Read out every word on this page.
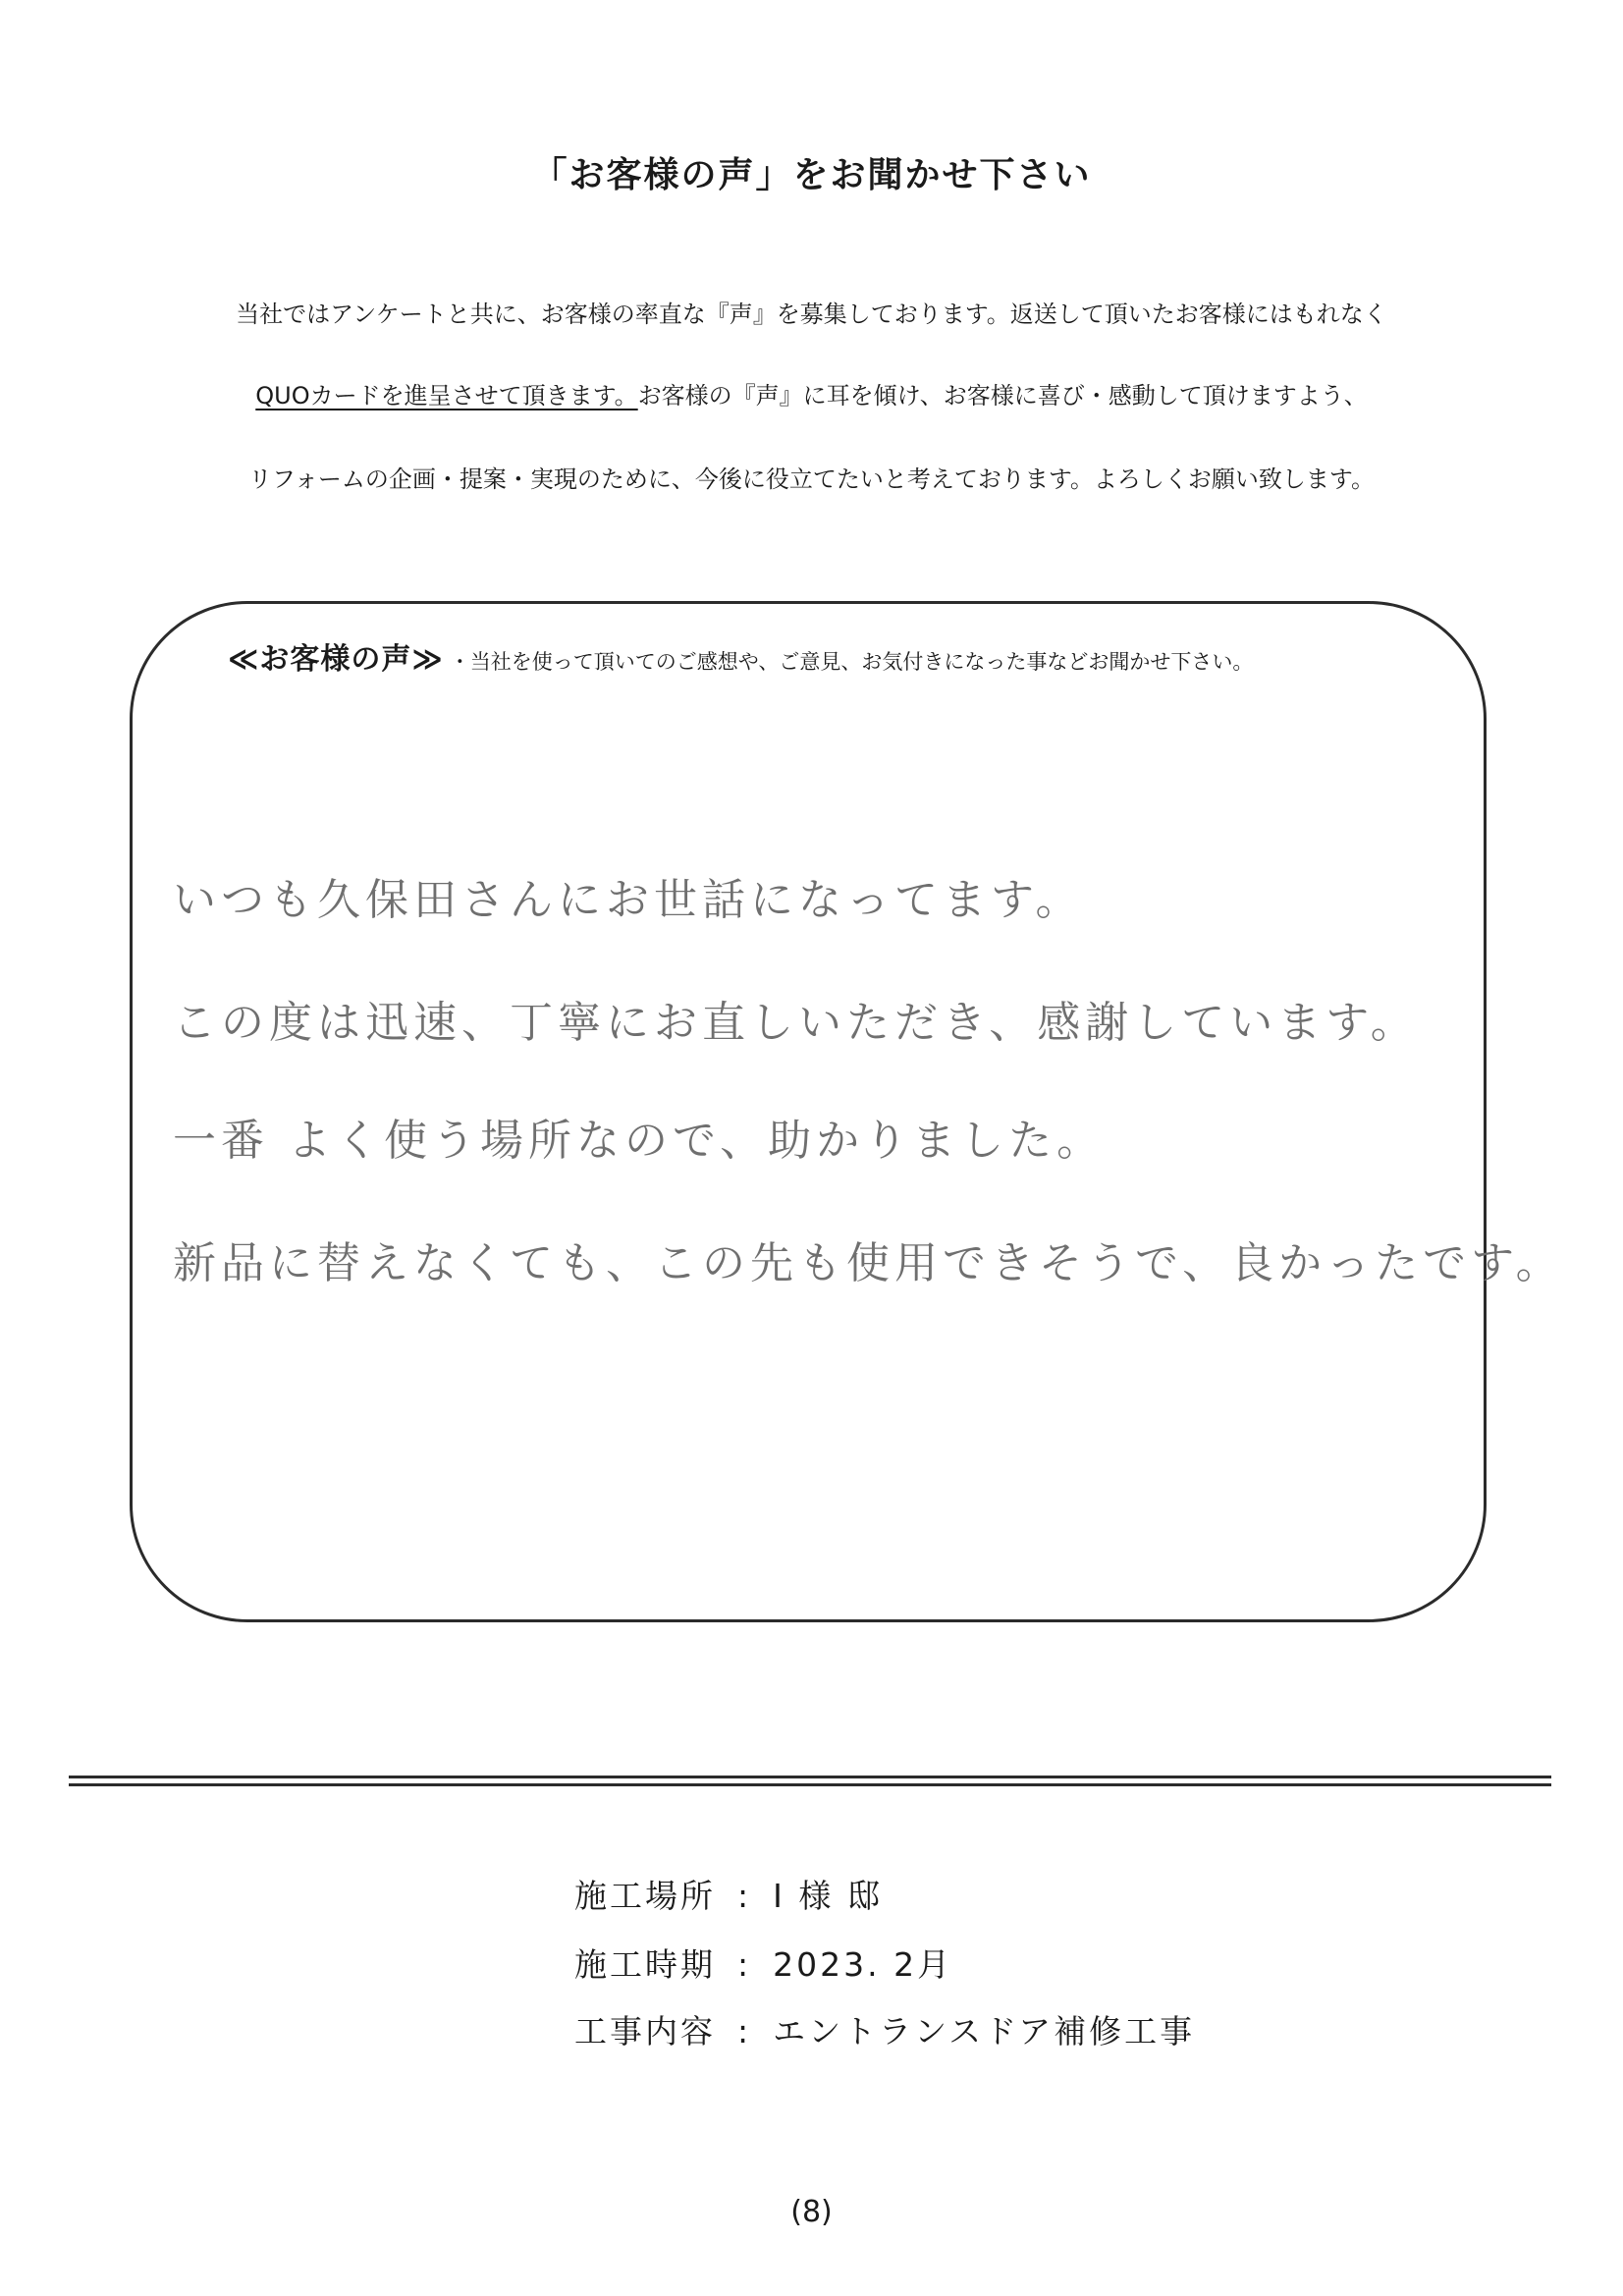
「お客様の声」をお聞かせ下さい
当社ではアンケートと共に、お客様の率直な『声』を募集しております。返送して頂いたお客様にはもれなく
QUOカードを進呈させて頂きます。お客様の『声』に耳を傾け、お客様に喜び・感動して頂けますよう、
リフォームの企画・提案・実現のために、今後に役立てたいと考えております。よろしくお願い致します。
≪お客様の声≫ ・当社を使って頂いてのご感想や、ご意見、お気付きになった事などお聞かせ下さい。
いつも久保田さんにお世話になってます。
この度は迅速、丁寧にお直しいただき、感謝しています。
一番 よく使う場所なので、助かりました。
新品に替えなくても、この先も使用できそうで、良かったです。
施工場所 : I 様 邸
施工時期 : 2023. 2月
工事内容 : エントランスドア補修工事
(8)
